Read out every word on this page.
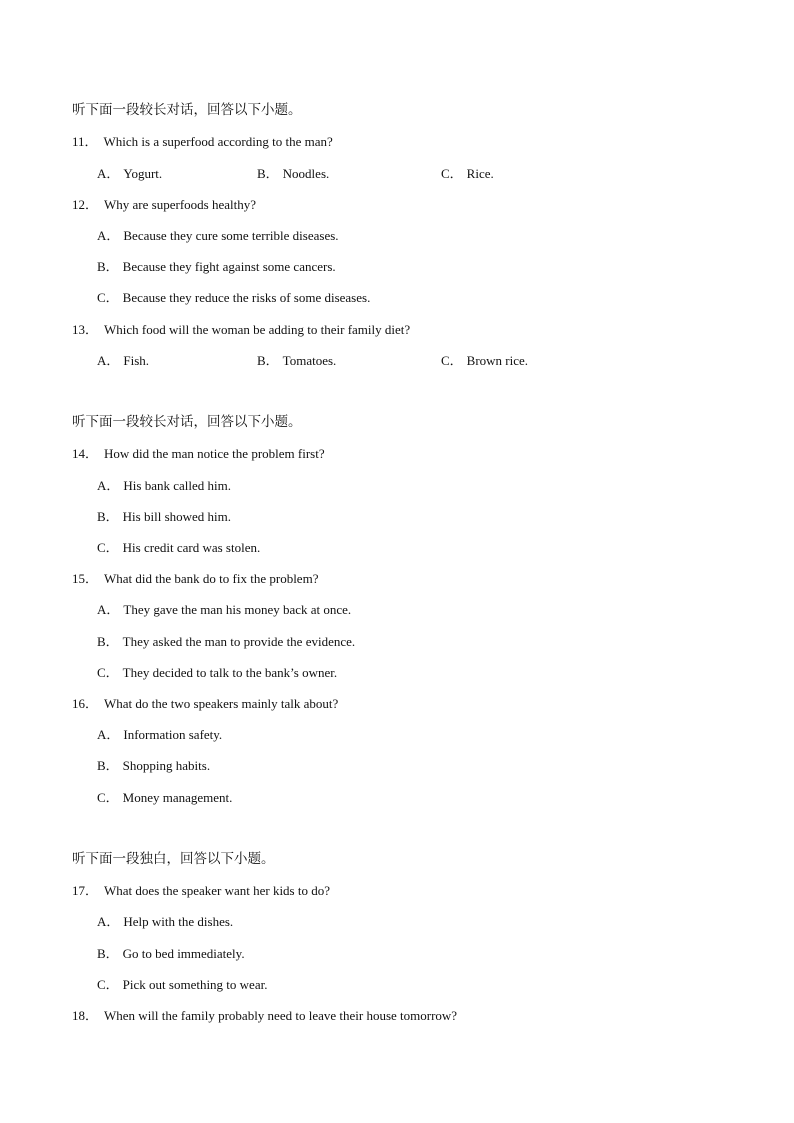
听下面一段较长对话，回答以下小题。
11． Which is a superfood according to the man?
A． Yogurt.	B． Noodles.	C． Rice.
12． Why are superfoods healthy?
A． Because they cure some terrible diseases.
B． Because they fight against some cancers.
C． Because they reduce the risks of some diseases.
13． Which food will the woman be adding to their family diet?
A． Fish.	B． Tomatoes.	C． Brown rice.
听下面一段较长对话，回答以下小题。
14． How did the man notice the problem first?
A． His bank called him.
B． His bill showed him.
C． His credit card was stolen.
15． What did the bank do to fix the problem?
A． They gave the man his money back at once.
B． They asked the man to provide the evidence.
C． They decided to talk to the bank’s owner.
16． What do the two speakers mainly talk about?
A． Information safety.
B． Shopping habits.
C． Money management.
听下面一段独白，回答以下小题。
17． What does the speaker want her kids to do?
A． Help with the dishes.
B． Go to bed immediately.
C． Pick out something to wear.
18． When will the family probably need to leave their house tomorrow?
